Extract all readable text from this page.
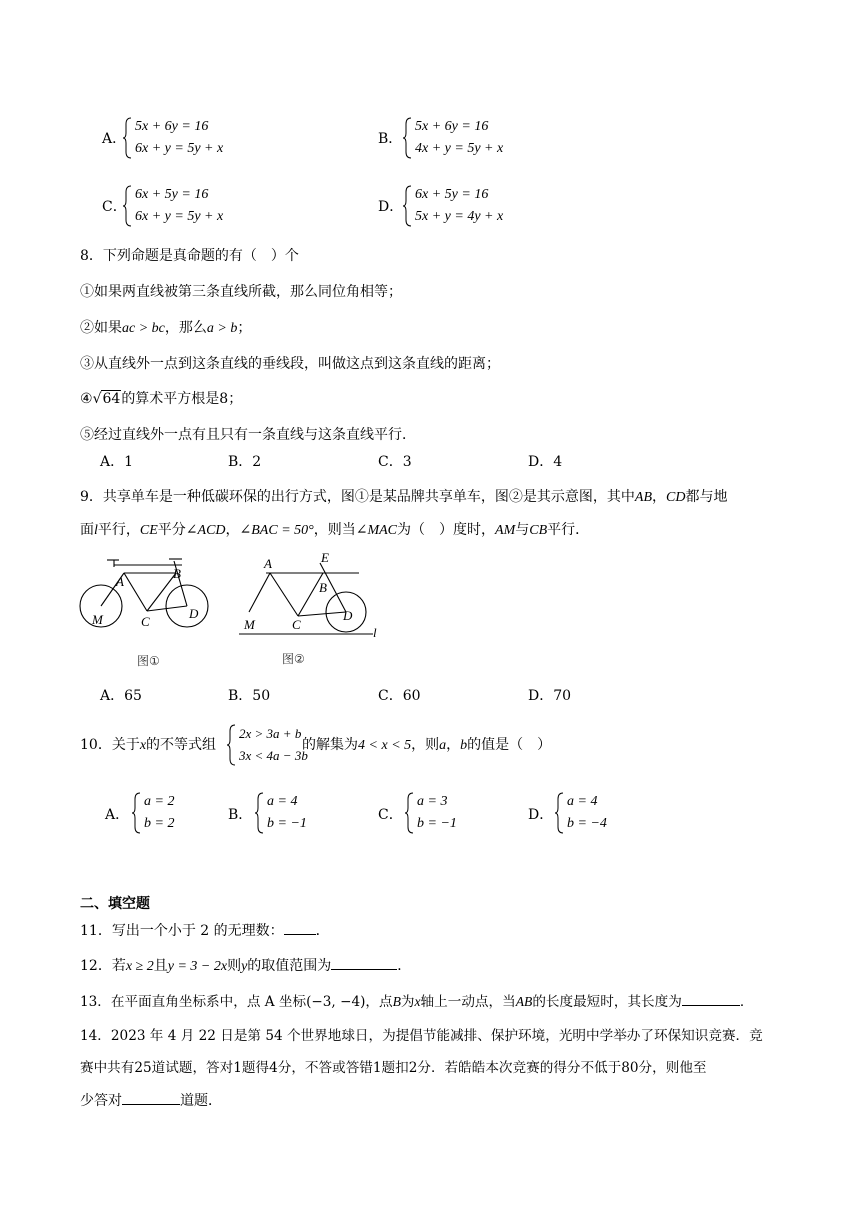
A．
5x + 6y = 16
6x + y = 5y + x
B．
5x + 6y = 16
4x + y = 5y + x
C．
6x + 5y = 16
6x + y = 5y + x
D．
6x + 5y = 16
5x + y = 4y + x
8．下列命题是真命题的有（　）个
①如果两直线被第三条直线所截，那么同位角相等；
②如果ac > bc，那么a > b；
③从直线外一点到这条直线的垂线段，叫做这点到这条直线的距离；
④√64的算术平方根是8；
⑤经过直线外一点有且只有一条直线与这条直线平行．
A．1	B．2	C．3	D．4
9．共享单车是一种低碳环保的出行方式，图①是某品牌共享单车，图②是其示意图，其中AB，CD都与地
面l平行，CE平分∠ACD，∠BAC = 50°，则当∠MAC为（　）度时，AM与CB平行．
A
B
C
D
M
图①
A
B
C
D
E
M
l
图②
A．65	B．50	C．60	D．70
10．关于x的不等式组	的解集为4 < x < 5，则a，b的值是（　）
2x > 3a + b
3x < 4a − 3b
A．
a = 2
b = 2
B．
a = 4
b = −1
C．
a = 3
b = −1
D．
a = 4
b = −4
二、填空题
11．写出一个小于 2 的无理数： ．
12．若x ≥ 2且y = 3 − 2x则y的取值范围为	．
13．在平面直角坐标系中，点 A 坐标(−3, −4)，点B为x轴上一动点，当AB的长度最短时，其长度为	．
14．2023 年 4 月 22 日是第 54 个世界地球日，为提倡节能减排、保护环境，光明中学举办了环保知识竞赛．竞
赛中共有25道试题，答对1题得4分，不答或答错1题扣2分．若皓皓本次竞赛的得分不低于80分，则他至
少答对	道题．
